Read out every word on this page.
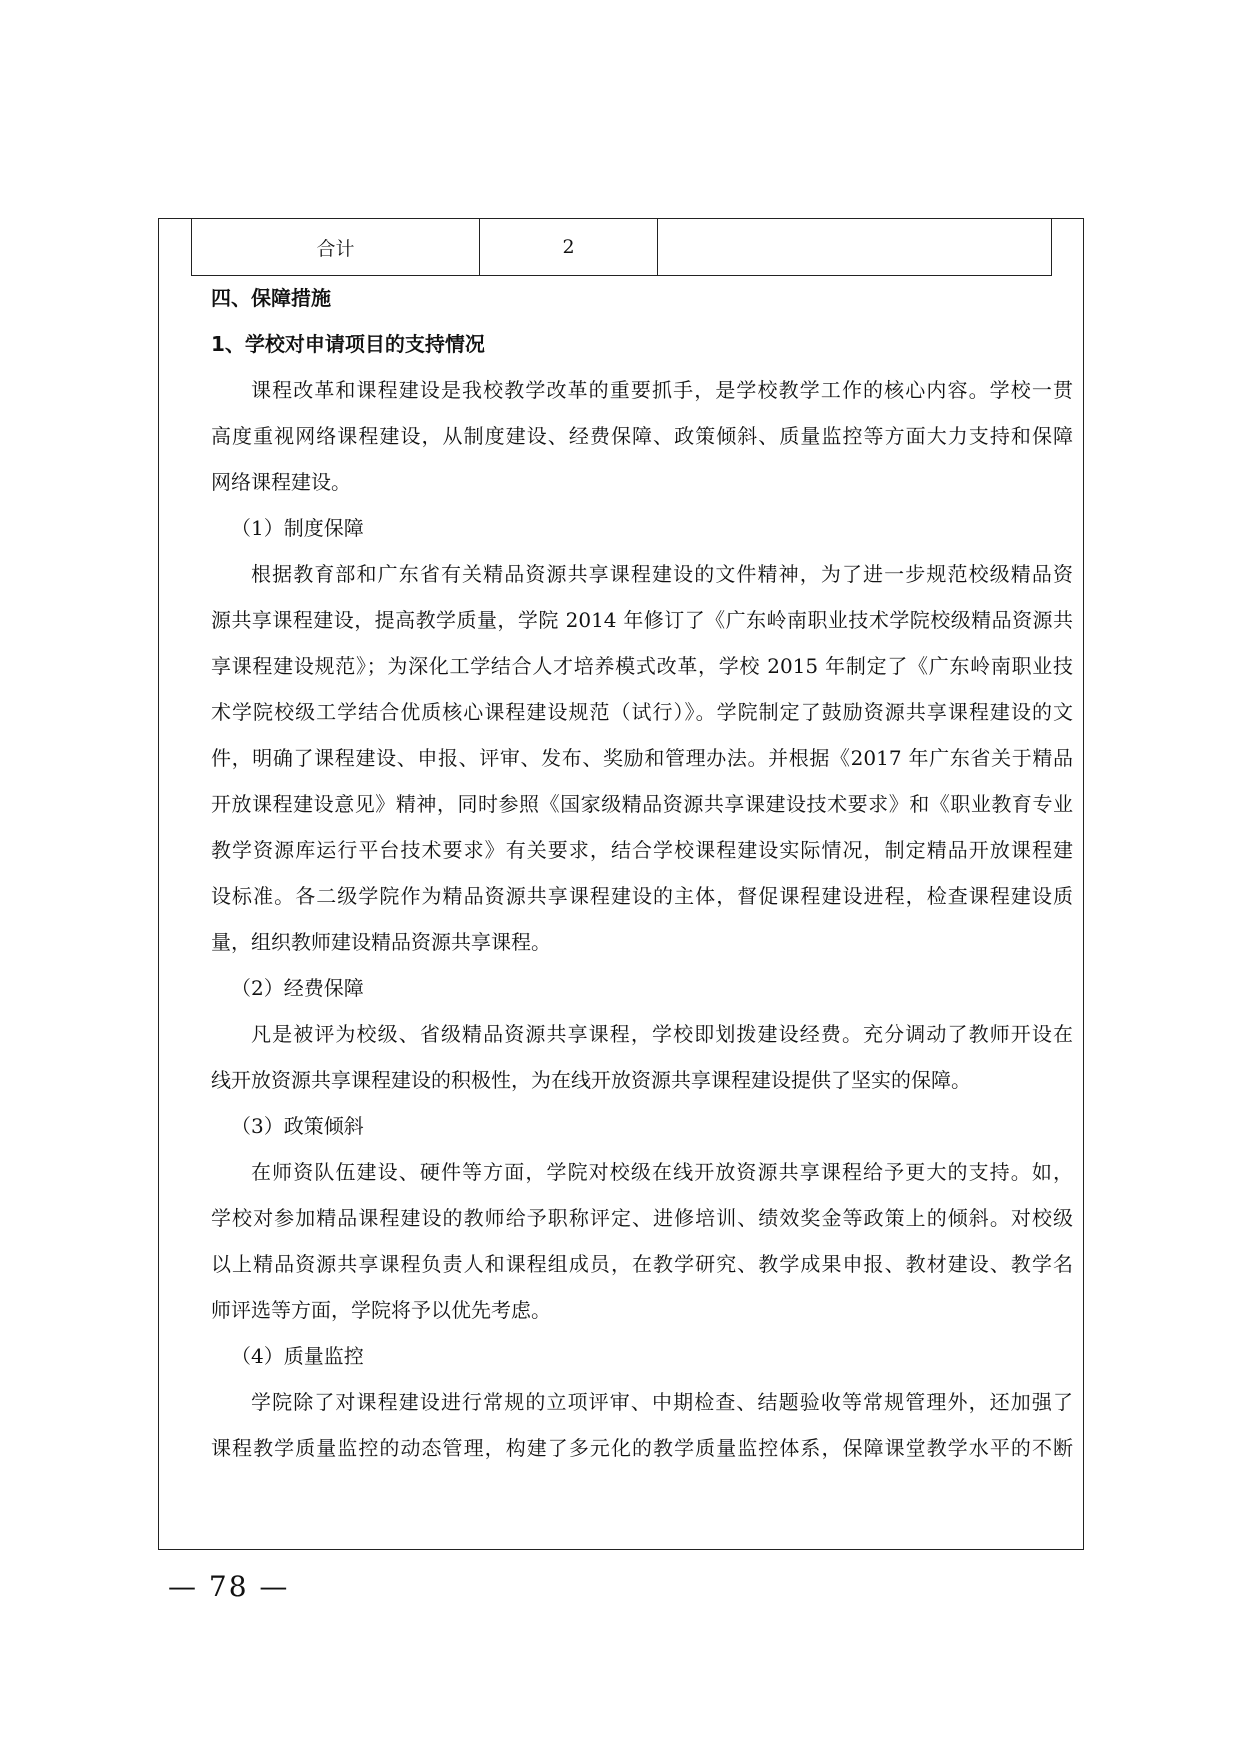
合计	2	
四、保障措施
1、学校对申请项目的支持情况
课程改革和课程建设是我校教学改革的重要抓手，是学校教学工作的核心内容。学校一贯
高度重视网络课程建设，从制度建设、经费保障、政策倾斜、质量监控等方面大力支持和保障
网络课程建设。
（1）制度保障
根据教育部和广东省有关精品资源共享课程建设的文件精神，为了进一步规范校级精品资
源共享课程建设，提高教学质量，学院 2014 年修订了《广东岭南职业技术学院校级精品资源共
享课程建设规范》；为深化工学结合人才培养模式改革，学校 2015 年制定了《广东岭南职业技
术学院校级工学结合优质核心课程建设规范（试行）》。学院制定了鼓励资源共享课程建设的文
件，明确了课程建设、申报、评审、发布、奖励和管理办法。并根据《2017 年广东省关于精品
开放课程建设意见》精神，同时参照《国家级精品资源共享课建设技术要求》和《职业教育专业
教学资源库运行平台技术要求》有关要求，结合学校课程建设实际情况，制定精品开放课程建
设标准。各二级学院作为精品资源共享课程建设的主体，督促课程建设进程，检查课程建设质
量，组织教师建设精品资源共享课程。
（2）经费保障
凡是被评为校级、省级精品资源共享课程，学校即划拨建设经费。充分调动了教师开设在
线开放资源共享课程建设的积极性，为在线开放资源共享课程建设提供了坚实的保障。
（3）政策倾斜
在师资队伍建设、硬件等方面，学院对校级在线开放资源共享课程给予更大的支持。如，
学校对参加精品课程建设的教师给予职称评定、进修培训、绩效奖金等政策上的倾斜。对校级
以上精品资源共享课程负责人和课程组成员，在教学研究、教学成果申报、教材建设、教学名
师评选等方面，学院将予以优先考虑。
（4）质量监控
学院除了对课程建设进行常规的立项评审、中期检查、结题验收等常规管理外，还加强了
课程教学质量监控的动态管理，构建了多元化的教学质量监控体系，保障课堂教学水平的不断
— 78 —
